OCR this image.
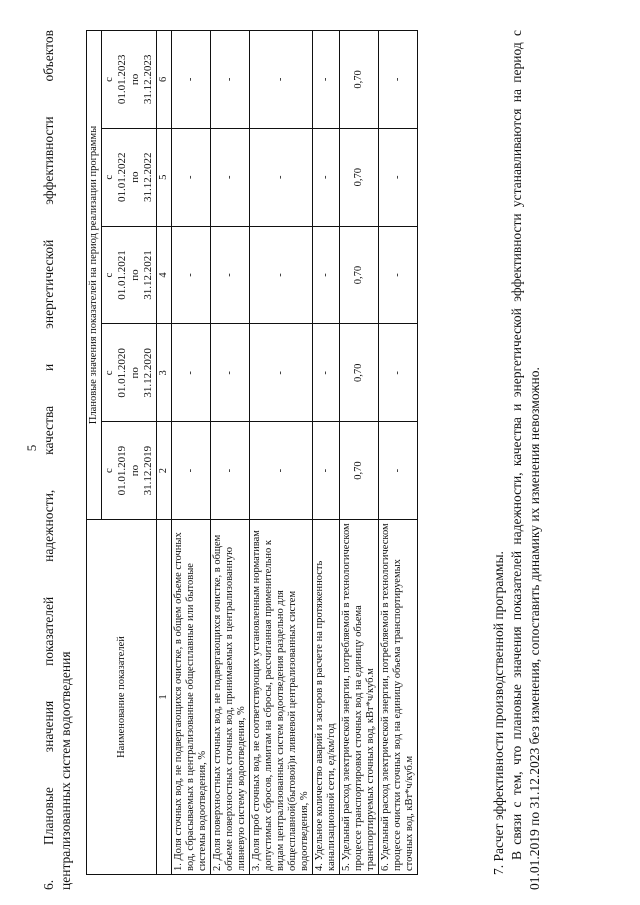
5 6. Плановые значения показателей надежности, качества и энергетической эффективности объектов централизованных систем водоотведения	Наименование показателей	Плановые значения показателей на период реализации программы				
	с
01.01.2019
по
31.12.2019	с
01.01.2020
по
31.12.2020	с
01.01.2021
по
31.12.2021	с
01.01.2022
по
31.12.2022	с
01.01.2023
по
31.12.2023
1	2	3	4	5	6
1. Доля сточных вод, не подвергающихся очистке, в общем объеме сточных вод, сбрасываемых в централизованные общесплавные или бытовые системы водоотведения, %	-	-	-	-	-
2. Доля поверхностных сточных вод, не подвергающихся очистке, в общем объеме поверхностных сточных вод, принимаемых в централизованную ливневую систему водоотведения, %	-	-	-	-	-
3. Доля проб сточных вод, не соответствующих установленным нормативам допустимых сбросов, лимитам на сбросы, рассчитанная применительно к видам централизованных систем водоотведения раздельно для общесплавной(бытовой)и ливневой централизованных систем водоотведения, %	-	-	-	-	-
4. Удельное количество аварий и засоров в расчете на протяженность канализационной сети, ед/км/год	-	-	-	-	-
5. Удельный расход электрической энергии, потребляемой в технологическом процессе транспортировки сточных вод на единицу объема транспортируемых сточных вод, кВт*ч/куб.м	0,70	0,70	0,70	0,70	0,70
6. Удельный расход электрической энергии, потребляемой в технологическом процессе очистки сточных вод на единицу объема транспортируемых сточных вод, кВт*ч/куб.м	-	-	-	-	-
7. Расчет эффективности производственной программы. В связи с тем, что плановые значения показателей надежности, качества и энергетической эффективности устанавливаются на период с 01.01.2019 по 31.12.2023 без изменения, сопоставить динамику их изменения невозможно.
